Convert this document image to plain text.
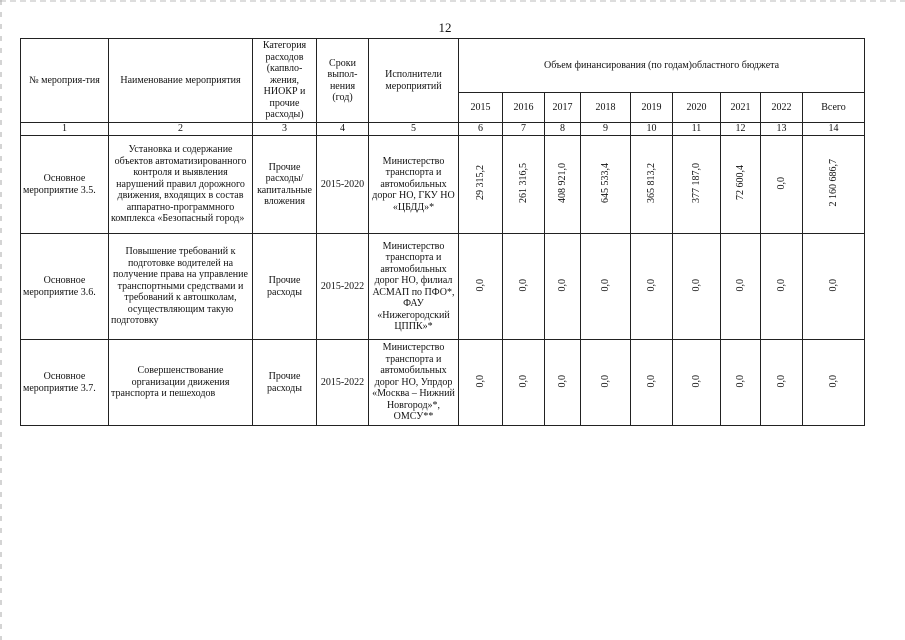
12
№ мероприя-тия	Наименование мероприятия	Категория расходов (капвло-жения, НИОКР и прочие расходы)	Сроки выпол-нения (год)	Исполнители мероприятий	Объем финансирования (по годам)областного бюджета								
					2015	2016	2017	2018	2019	2020	2021	2022	Всего
1	2	3	4	5	6	7	8	9	10	11	12	13	14
Основное мероприятие 3.5.	Установка и содержание объектов автоматизированного контроля и выявления нарушений правил дорожного движения, входящих в состав аппаратно-программного комплекса «Безопасный город»	Прочие расходы/капитальные вложения	2015-2020	Министерство транспорта и автомобильных дорог НО, ГКУ НО «ЦБДД»*	29 315,2	261 316,5	408 921,0	645 533,4	365 813,2	377 187,0	72 600,4	0,0	2 160 686,7
Основное мероприятие 3.6.	Повышение требований к подготовке водителей на получение права на управление транспортными средствами и требований к автошколам, осуществляющим такую подготовку	Прочие расходы	2015-2022	Министерство транспорта и автомобильных дорог НО, филиал АСМАП по ПФО*, ФАУ «Нижегородский ЦППК»*	0,0	0,0	0,0	0,0	0,0	0,0	0,0	0,0	0,0
Основное мероприятие 3.7.	Совершенствование организации движения транспорта и пешеходов	Прочие расходы	2015-2022	Министерство транспорта и автомобильных дорог НО, Упрдор «Москва – Нижний Новгород»*, ОМСУ**	0,0	0,0	0,0	0,0	0,0	0,0	0,0	0,0	0,0
